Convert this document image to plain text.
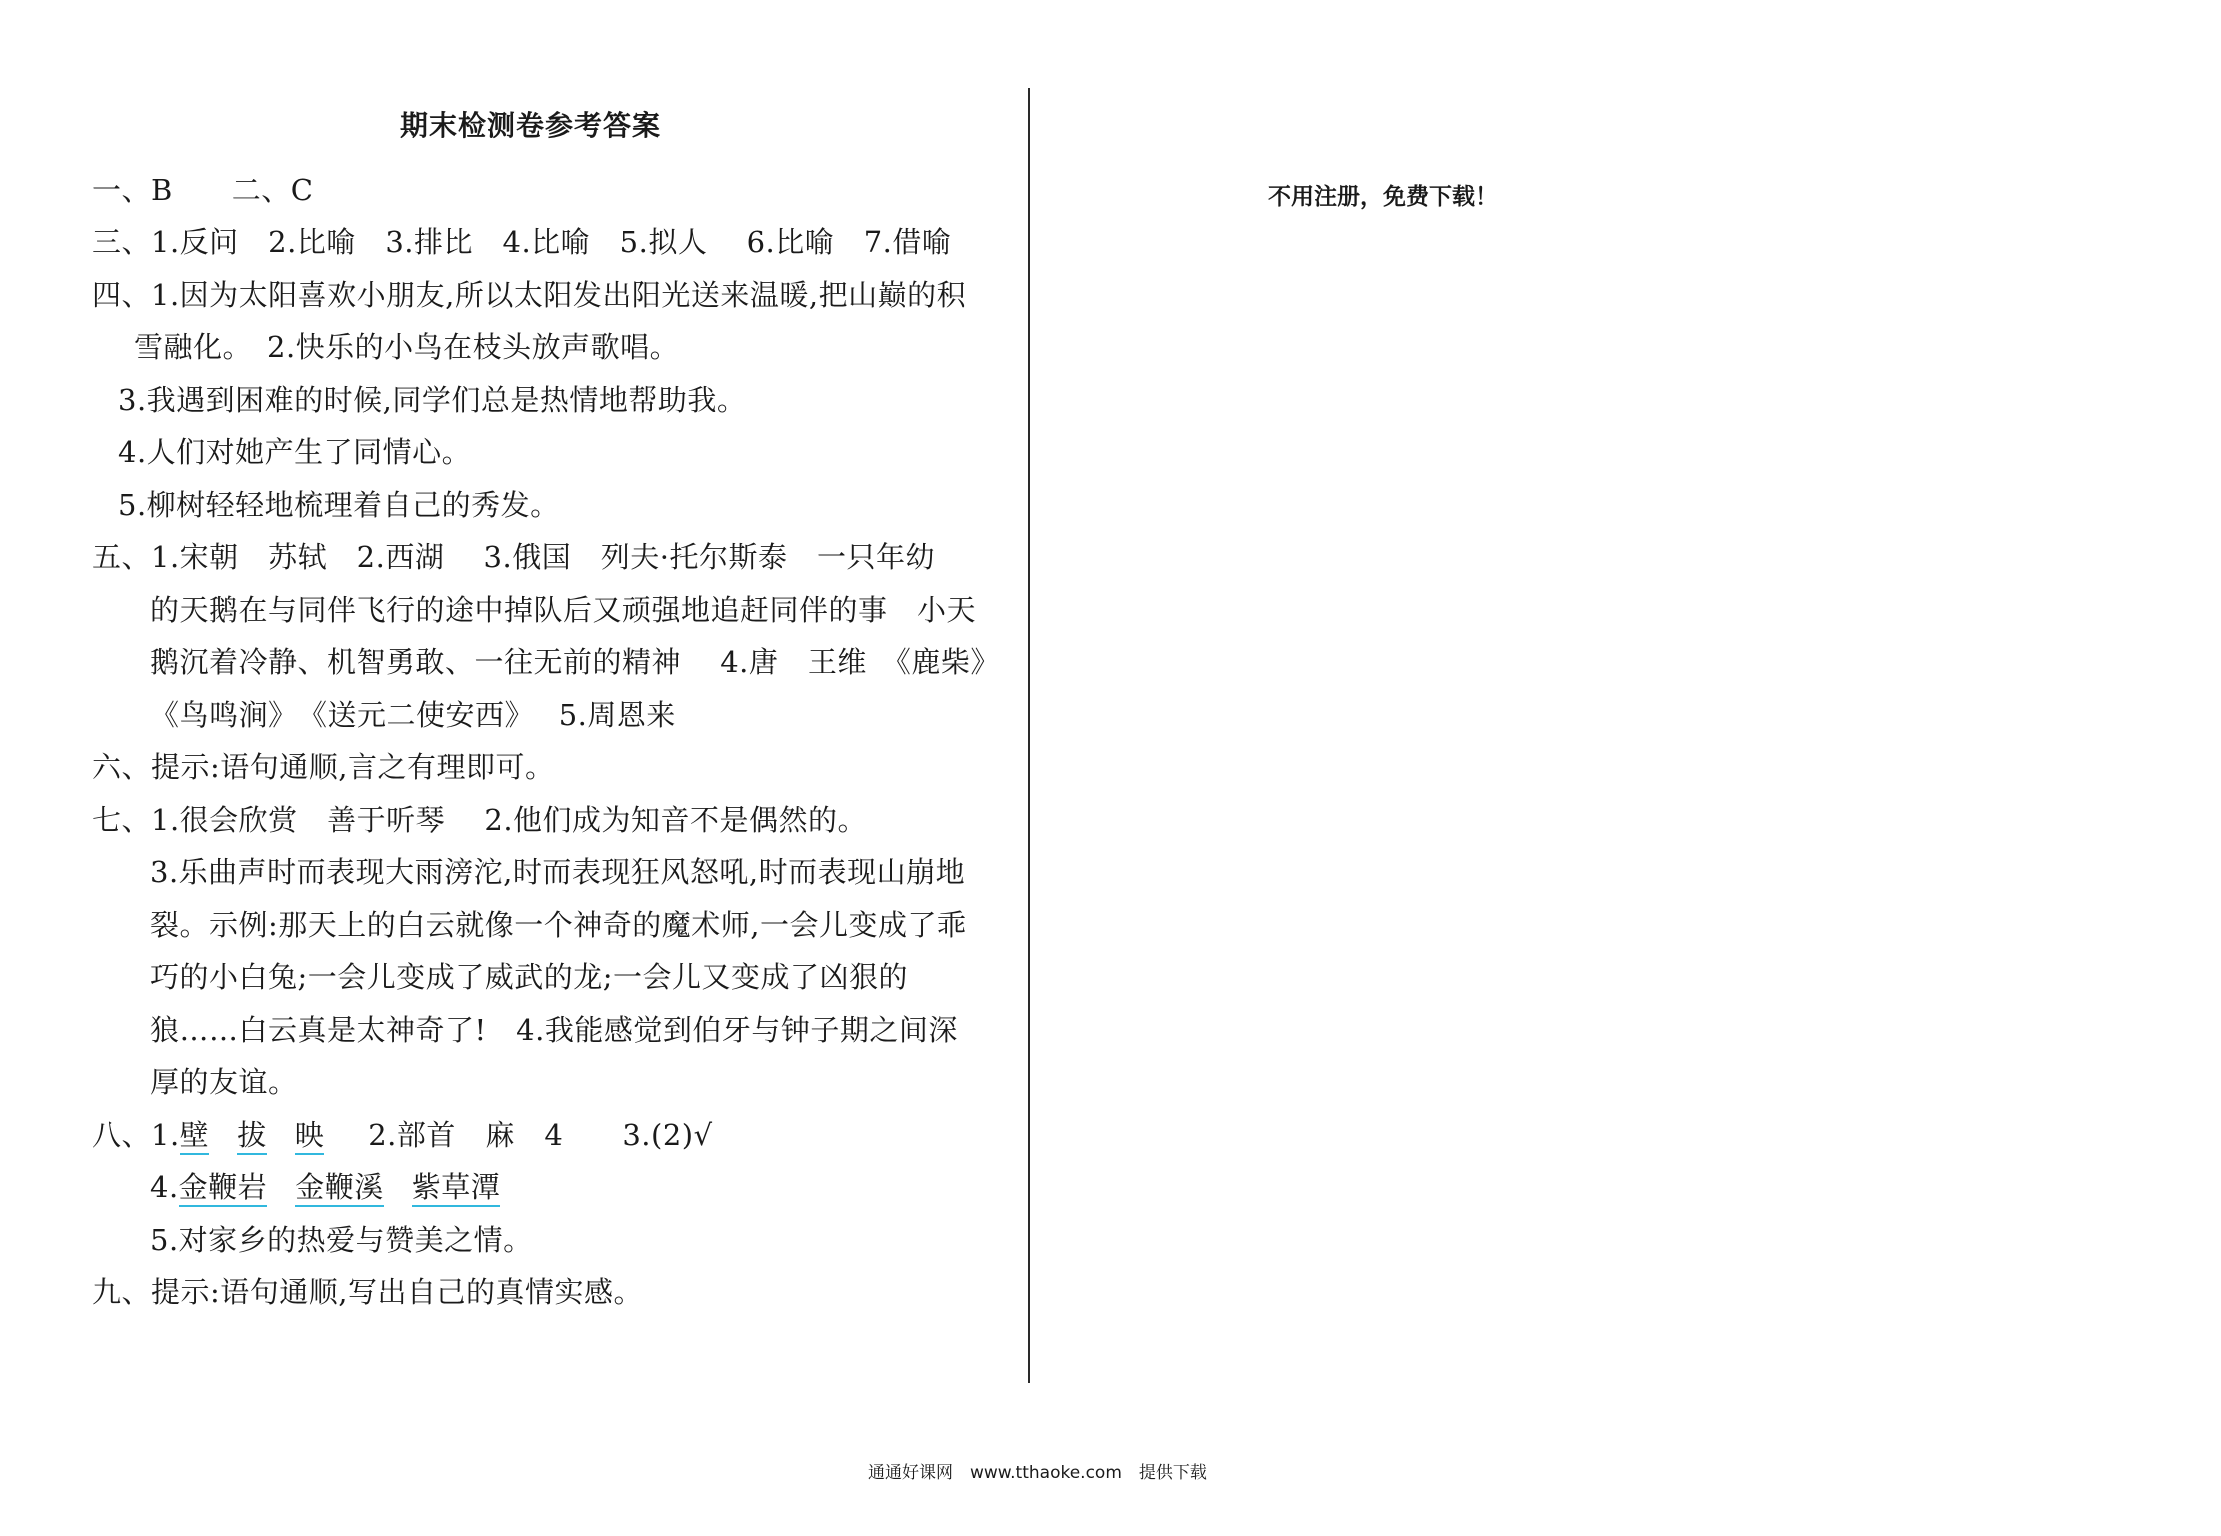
期末检测卷参考答案
一、B　　二、C
三、1.反问　2.比喻　3.排比　4.比喻　5.拟人　 6.比喻　7.借喻
四、1.因为太阳喜欢小朋友,所以太阳发出阳光送来温暖,把山巅的积
雪融化。　2.快乐的小鸟在枝头放声歌唱。
3.我遇到困难的时候,同学们总是热情地帮助我。
4.人们对她产生了同情心。
5.柳树轻轻地梳理着自己的秀发。
五、1.宋朝　苏轼　2.西湖　 3.俄国　列夫·托尔斯泰　一只年幼
的天鹅在与同伴飞行的途中掉队后又顽强地追赶同伴的事　小天
鹅沉着冷静、机智勇敢、一往无前的精神　 4.唐　王维　《鹿柴》
《鸟鸣涧》　《送元二使安西》　 5.周恩来
六、提示:语句通顺,言之有理即可。
七、1.很会欣赏　善于听琴　 2.他们成为知音不是偶然的。
3.乐曲声时而表现大雨滂沱,时而表现狂风怒吼,时而表现山崩地
裂。示例:那天上的白云就像一个神奇的魔术师,一会儿变成了乖
巧的小白兔;一会儿变成了威武的龙;一会儿又变成了凶狠的
狼……白云真是太神奇了!　4.我能感觉到伯牙与钟子期之间深
厚的友谊。
八、1.壁 拔 映 2.部首　麻　4　　3.(2)√
4.金鞭岩 金鞭溪 紫草潭
5.对家乡的热爱与赞美之情。
九、提示:语句通顺,写出自己的真情实感。
不用注册，免费下载！
通通好课网　www.tthaoke.com　提供下载
